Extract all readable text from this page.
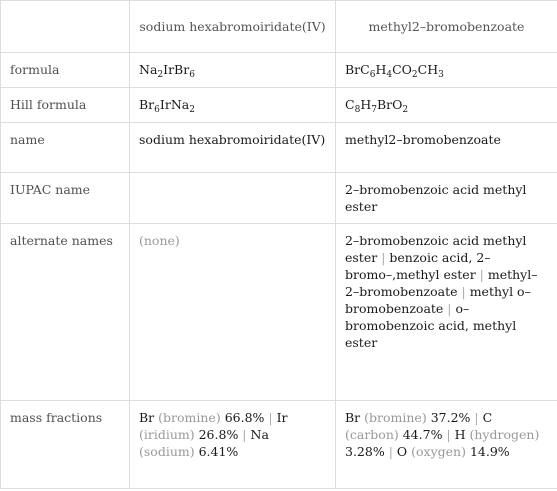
	sodium hexabromoiridate(IV)	methyl2–bromobenzoate
formula	$Na_2IrBr_6$	$BrC_6H_4CO_2CH_3$
Hill formula	$Br_6IrNa_2$	$C_8H_7BrO_2$
name	sodium hexabromoiridate(IV)	methyl2–bromobenzoate
IUPAC name		2–bromobenzoic acid methyl ester
alternate names	(none)	2–bromobenzoic acid methyl ester | benzoic acid, 2–bromo–,methyl ester | methyl–2–bromobenzoate | methyl o–bromobenzoate | o–bromobenzoic acid, methyl ester
mass fractions	Br (bromine) 66.8% | Ir (iridium) 26.8% | Na (sodium) 6.41%	Br (bromine) 37.2% | C (carbon) 44.7% | H (hydrogen) 3.28% | O (oxygen) 14.9%
